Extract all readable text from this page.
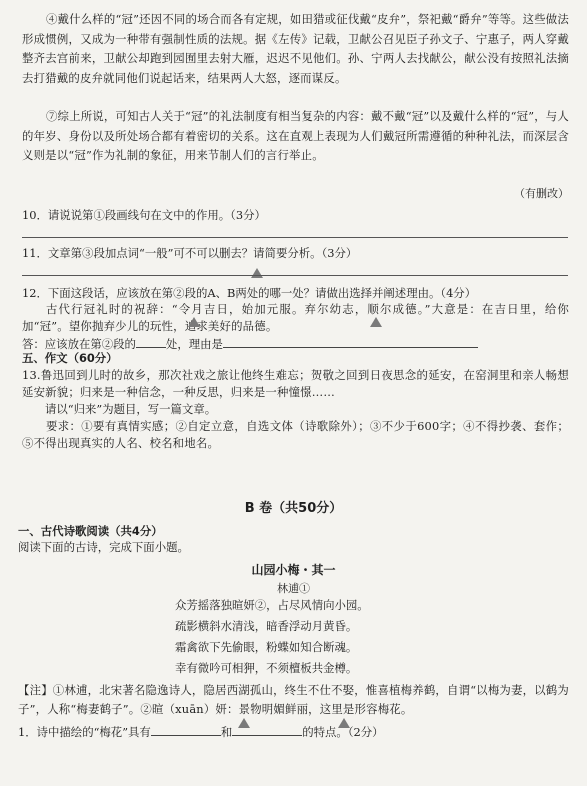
④戴什么样的“冠”还因不同的场合而各有定规，如田猎或征伐戴“皮弁”，祭祀戴“爵弁”等等。这些做法形成惯例，又成为一种带有强制性质的法规。据《左传》记载，卫献公召见臣子孙文子、宁惠子，两人穿戴整齐去宫前来，卫献公却跑到园囿里去射大雁，迟迟不见他们。孙、宁两人去找献公，献公没有按照礼法摘去打猎戴的皮弁就同他们说起话来，结果两人大怒，逐而谋反。

⑦综上所说，可知古人关于“冠”的礼法制度有相当复杂的内容：戴不戴“冠”以及戴什么样的“冠”，与人的年岁、身份以及所处场合都有着密切的关系。这在直观上表现为人们戴冠所需遵循的种种礼法，而深层含义则是以“冠”作为礼制的象征，用来节制人们的言行举止。

（有删改）
10．请说说第①段画线句在文中的作用。（3分）
11．文章第③段加点词“一般”可不可以删去？请简要分析。（3分）
12．下面这段话，应该放在第②段的A、B两处的哪一处？请做出选择并阐述理由。（4分）

古代行冠礼时的祝辞：“令月吉日，始加元服。弃尔幼志，顺尔成德。”大意是：在吉日里，给你加“冠”。望你抛弃少儿的玩性，追求美好的品德。

答：应该放在第②段的	处，理由是
五、作文（60分）

13.鲁迅回到儿时的故乡，那次社戏之旅让他终生难忘；贺敬之回到日夜思念的延安，在窑洞里和亲人畅想延安新貌；归来是一种信念，一种反思，归来是一种憧憬……

请以“归来”为题目，写一篇文章。

要求：①要有真情实感；②自定立意，自选文体（诗歌除外）；③不少于600字；④不得抄袭、套作；⑤不得出现真实的人名、校名和地名。

B 卷（共50分）
一、古代诗歌阅读（共4分）
阅读下面的古诗，完成下面小题。
山园小梅・其一
林逋①
众芳摇落独暄妍②，占尽风情向小园。
疏影横斜水清浅，暗香浮动月黄昏。
霜禽欲下先偷眼，粉蝶如知合断魂。
幸有微吟可相狎，不须檀板共金樽。

【注】①林逋，北宋著名隐逸诗人，隐居西湖孤山，终生不仕不娶，惟喜植梅养鹤，自谓“以梅为妻，以鹤为子”，人称“梅妻鹤子”。②暄（xuān）妍：景物明媚鲜丽，这里是形容梅花。

1．诗中描绘的“梅花”具有	和	的特点。（2分）
